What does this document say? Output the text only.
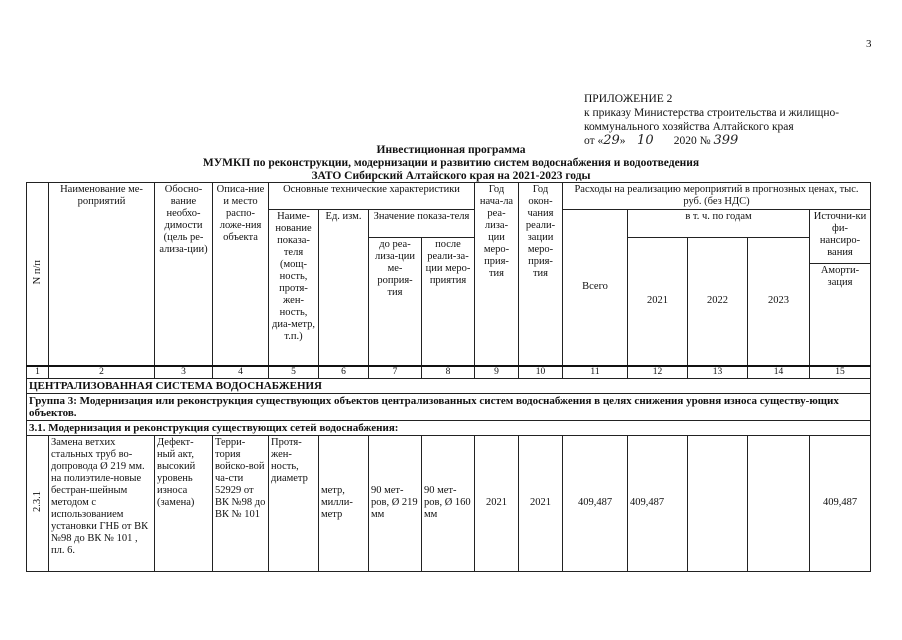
3
ПРИЛОЖЕНИЕ 2
к приказу Министерства строительства и жилищно-
коммунального хозяйства Алтайского края
от «29» 10 2020 № 399
Инвестиционная программа
МУМКП по реконструкции, модернизации и развитию систем водоснабжения и водоотведения
ЗАТО Сибирский Алтайского края на 2021-2023 годы
N п/п	Наименование ме-роприятий	Обосно-вание необхо-димости (цель ре-ализа-ции)	Описа-ние и место распо-ложе-ния объекта	Основные технические характеристики				Год нача-ла реа-лизa-ции меро-прия-тия	Год окон-чания реали-зации меро-прия-тия	Расходы на реализацию мероприятий в прогнозных ценах, тыс. руб. (без НДС)				
				Наиме-нование показа-теля (мощ-ность, протя-жен-ность, диа-метр, т.п.)	Ед. изм.	Значение показа-теля				Всего	в т. ч. по годам			Источни-ки фи-нансиро-вания
						до реа-лиза-ции ме-роприя-тия	после реали-за-ции меро-приятия				2021	2022	2023	
														Аморти-зация

1	2	3	4	5	6	7	8	9	10	11	12	13	14	15
ЦЕНТРАЛИЗОВАННАЯ СИСТЕМА ВОДОСНАБЖЕНИЯ														
Группа 3: Модернизация или реконструкция существующих объектов централизованных систем водоснабжения в целях снижения уровня износа существу-ющих объектов.														
3.1. Модернизация и реконструкция существующих сетей водоснабжения:														
2.3.1	Замена ветхих стальных труб во-допровода Ø 219 мм. на полиэтиле-новые бестран-шейным методом с использованием установки ГНБ от ВК №98 до ВК № 101 , пл. 6.	Дефект-ный акт, высокий уровень износа (замена)	Терри-тория войско-вой ча-сти 52929 от ВК №98 до ВК № 101	Протя-жен-ность, диаметр	метр, милли-метр	90 мет-ров, Ø 219 мм	90 мет-ров, Ø 160 мм	2021	2021	409,487	409,487			409,487
